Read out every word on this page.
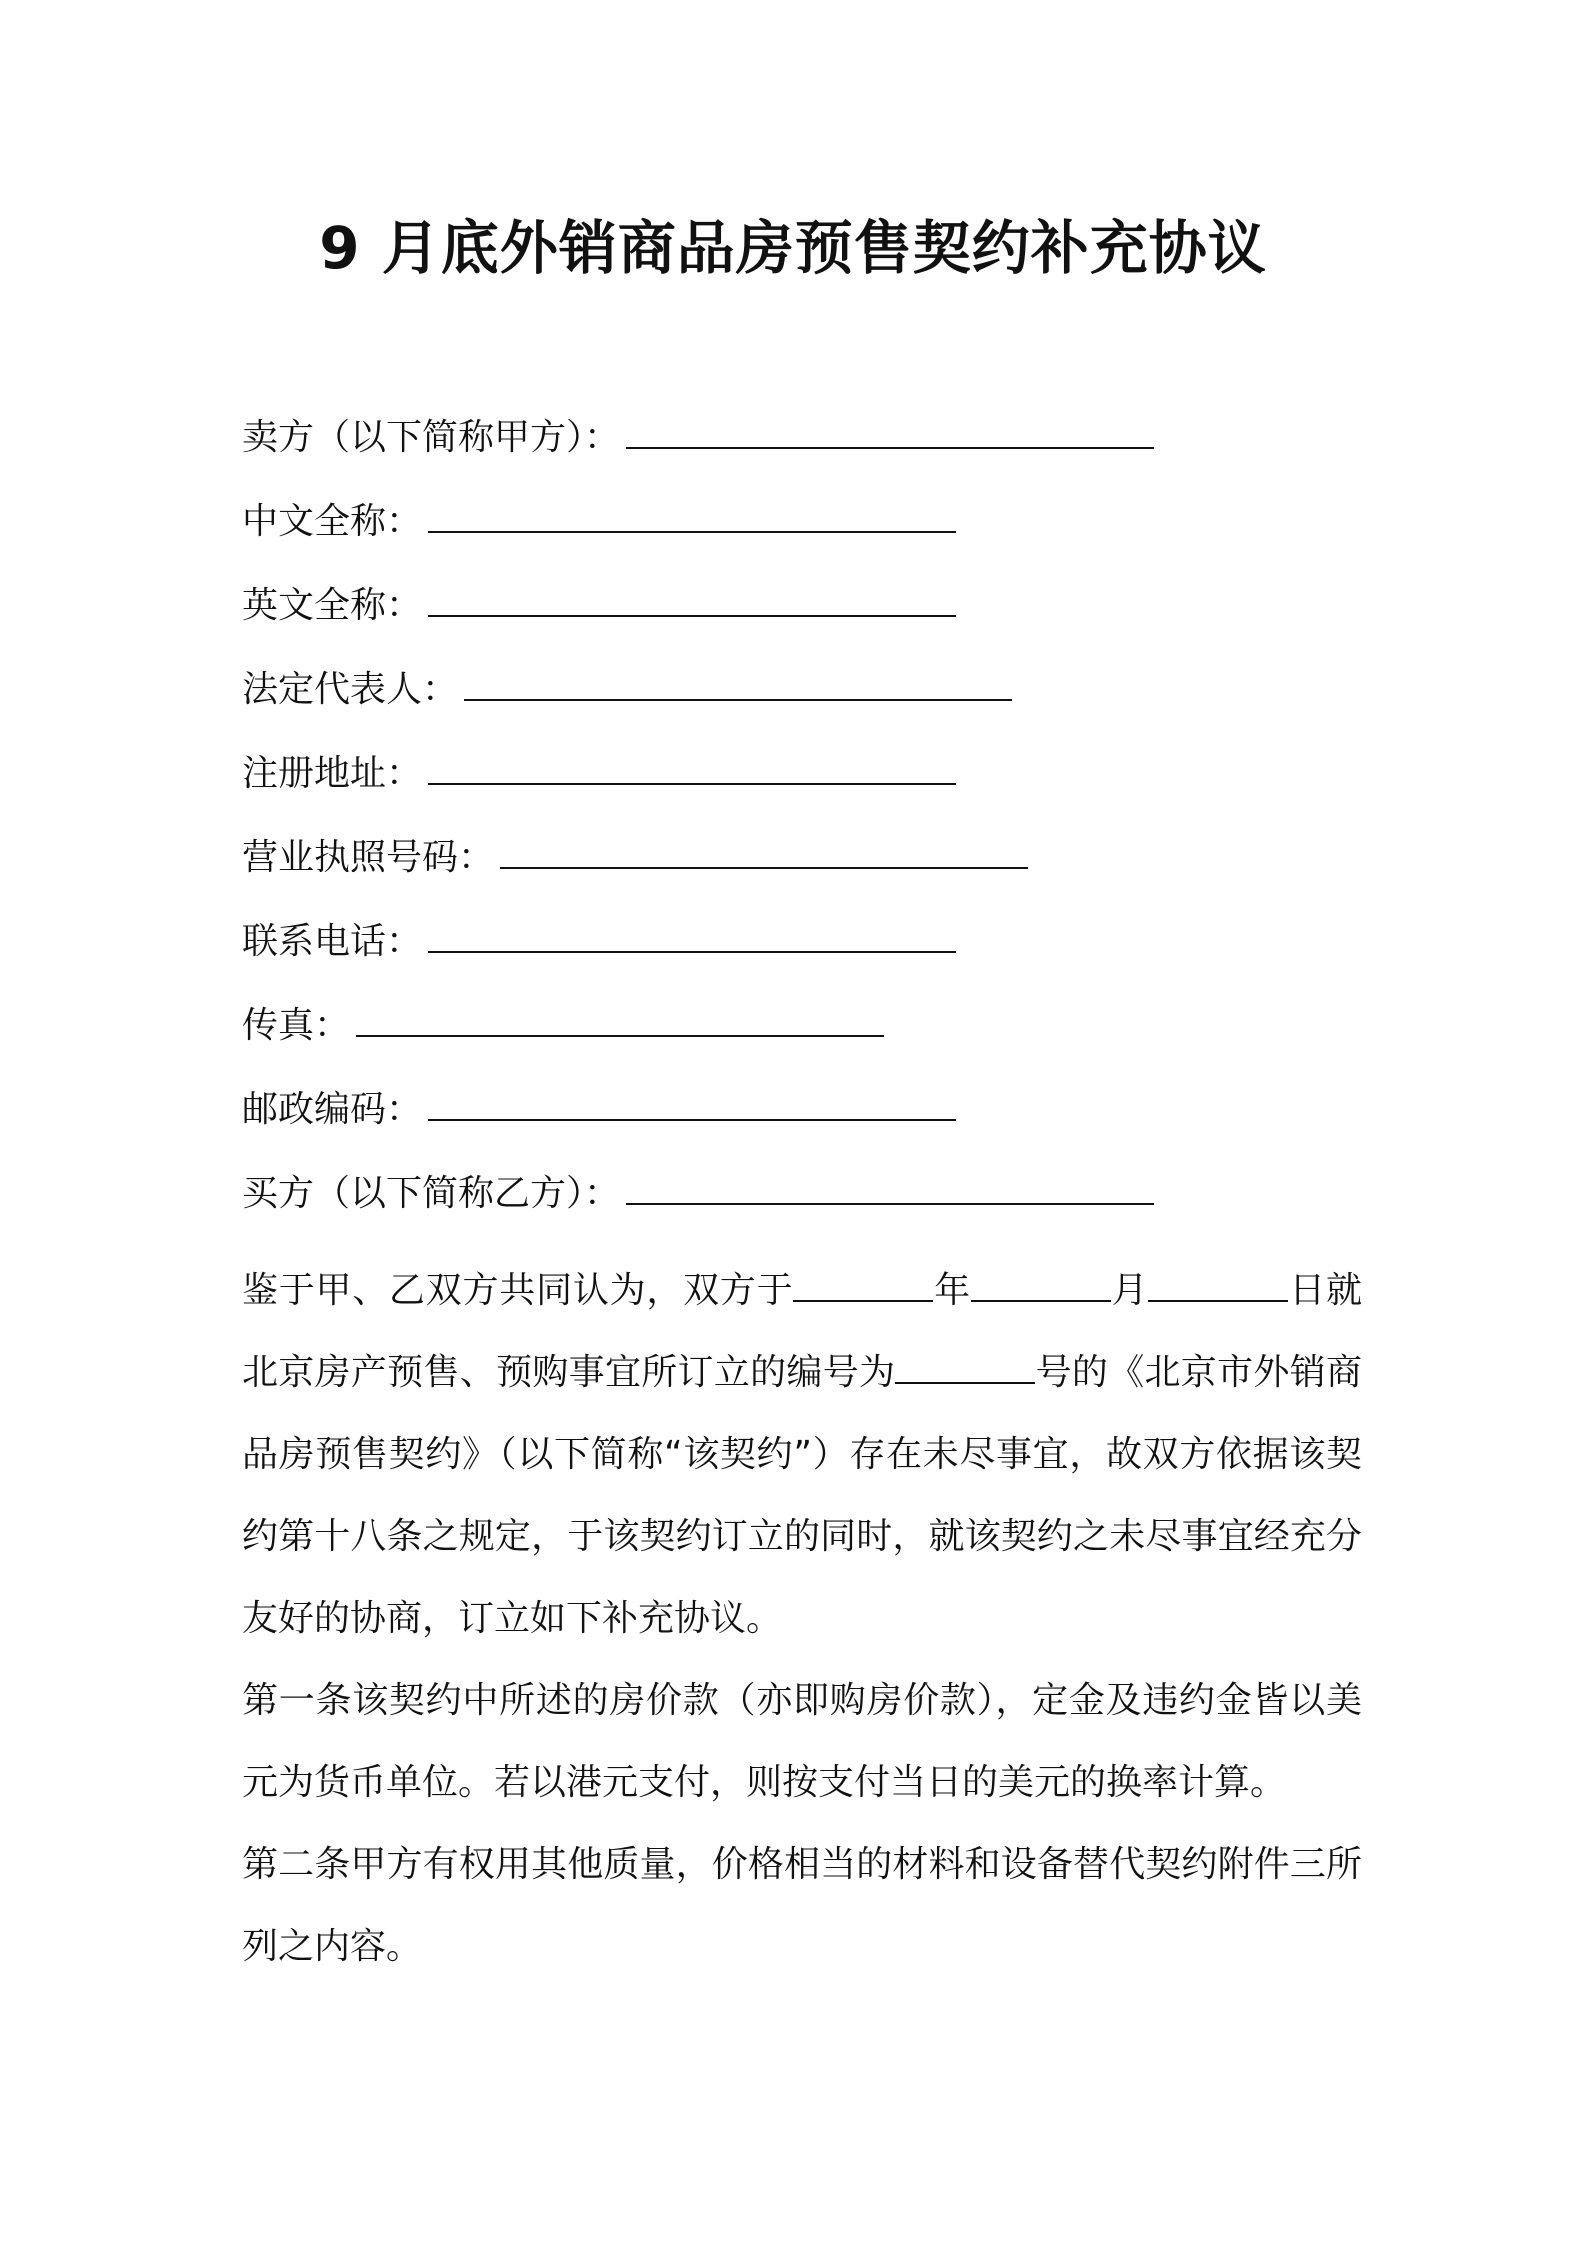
9 月底外销商品房预售契约补充协议
卖方（以下简称甲方）：
中文全称：
英文全称：
法定代表人：
注册地址：
营业执照号码：
联系电话：
传真：
邮政编码：
买方（以下简称乙方）：

鉴于甲、乙双方共同认为，双方于	年	月	日就北京房产预售、预购事宜所订立的编号为	号的《北京市外销商品房预售契约》（以下简称“该契约”）存在未尽事宜，故双方依据该契约第十八条之规定，于该契约订立的同时，就该契约之未尽事宜经充分友好的协商，订立如下补充协议。

第一条该契约中所述的房价款（亦即购房价款），定金及违约金皆以美元为货币单位。若以港元支付，则按支付当日的美元的换率计算。

第二条甲方有权用其他质量，价格相当的材料和设备替代契约附件三所列之内容。
